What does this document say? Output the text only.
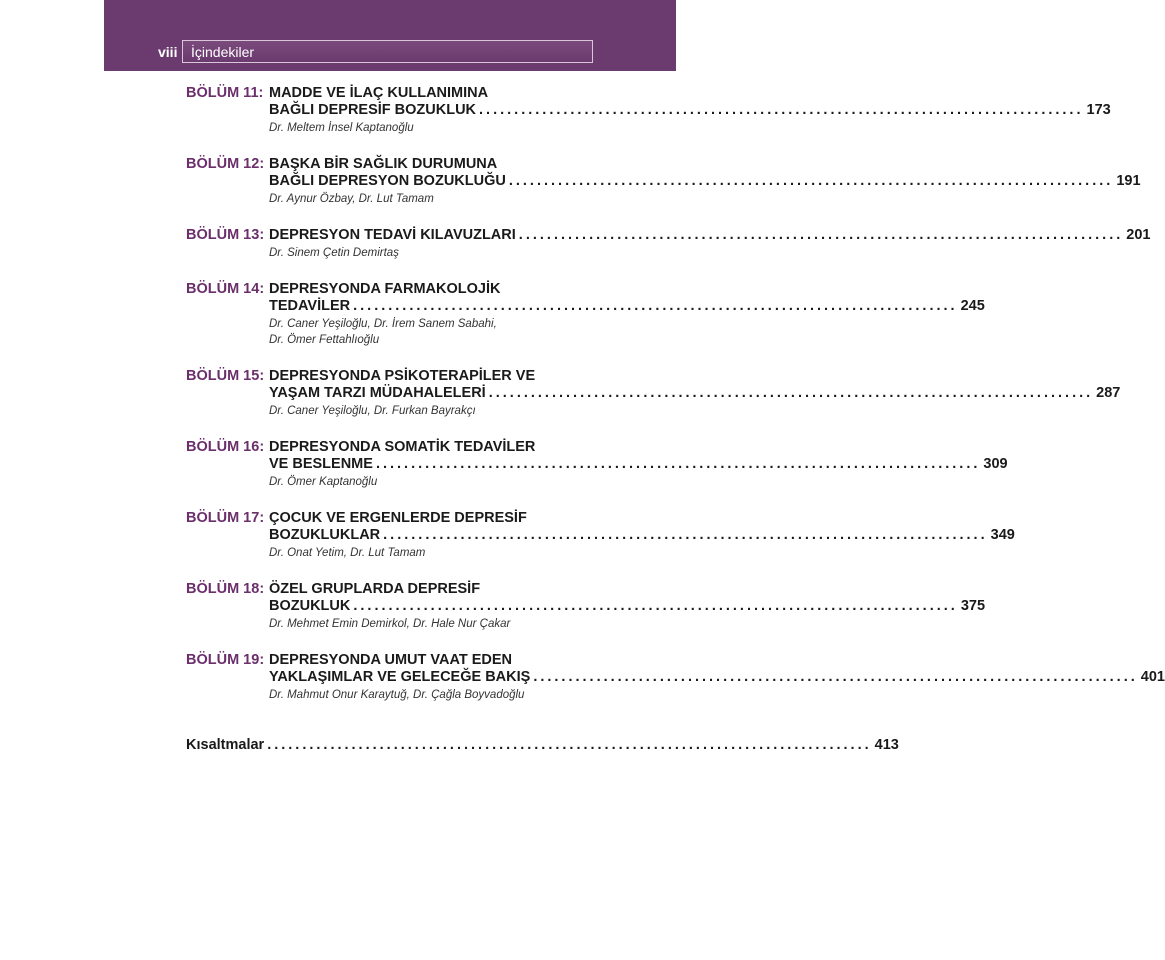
viii İçindekiler
BÖLÜM 11: MADDE VE İLAÇ KULLANIMINA
BAĞLI DEPRESİF BOZUKLUK ...................................................................................... 173
Dr. Meltem İnsel Kaptanoğlu
BÖLÜM 12: BAŞKA BİR SAĞLIK DURUMUNA
BAĞLI DEPRESYON BOZUKLUĞU ...................................................................................... 191
Dr. Aynur Özbay, Dr. Lut Tamam
BÖLÜM 13: DEPRESYON TEDAVİ KILAVUZLARI ...................................................................................... 201
Dr. Sinem Çetin Demirtaş
BÖLÜM 14: DEPRESYONDA FARMAKOLOJİK
TEDAVİLER ...................................................................................... 245
Dr. Caner Yeşiloğlu, Dr. İrem Sanem Sabahi,
Dr. Ömer Fettahlıoğlu
BÖLÜM 15: DEPRESYONDA PSİKOTERAPİLER VE
YAŞAM TARZI MÜDAHALELERİ ...................................................................................... 287
Dr. Caner Yeşiloğlu, Dr. Furkan Bayrakçı
BÖLÜM 16: DEPRESYONDA SOMATİK TEDAVİLER
VE BESLENME ...................................................................................... 309
Dr. Ömer Kaptanoğlu
BÖLÜM 17: ÇOCUK VE ERGENLERDE DEPRESİF
BOZUKLUKLAR ...................................................................................... 349
Dr. Onat Yetim, Dr. Lut Tamam
BÖLÜM 18: ÖZEL GRUPLARDA DEPRESİF
BOZUKLUK ...................................................................................... 375
Dr. Mehmet Emin Demirkol, Dr. Hale Nur Çakar
BÖLÜM 19: DEPRESYONDA UMUT VAAT EDEN
YAKLAŞIMLAR VE GELECEĞE BAKIŞ ...................................................................................... 401
Dr. Mahmut Onur Karaytuğ, Dr. Çağla Boyvadoğlu
Kısaltmalar ...................................................................................... 413
